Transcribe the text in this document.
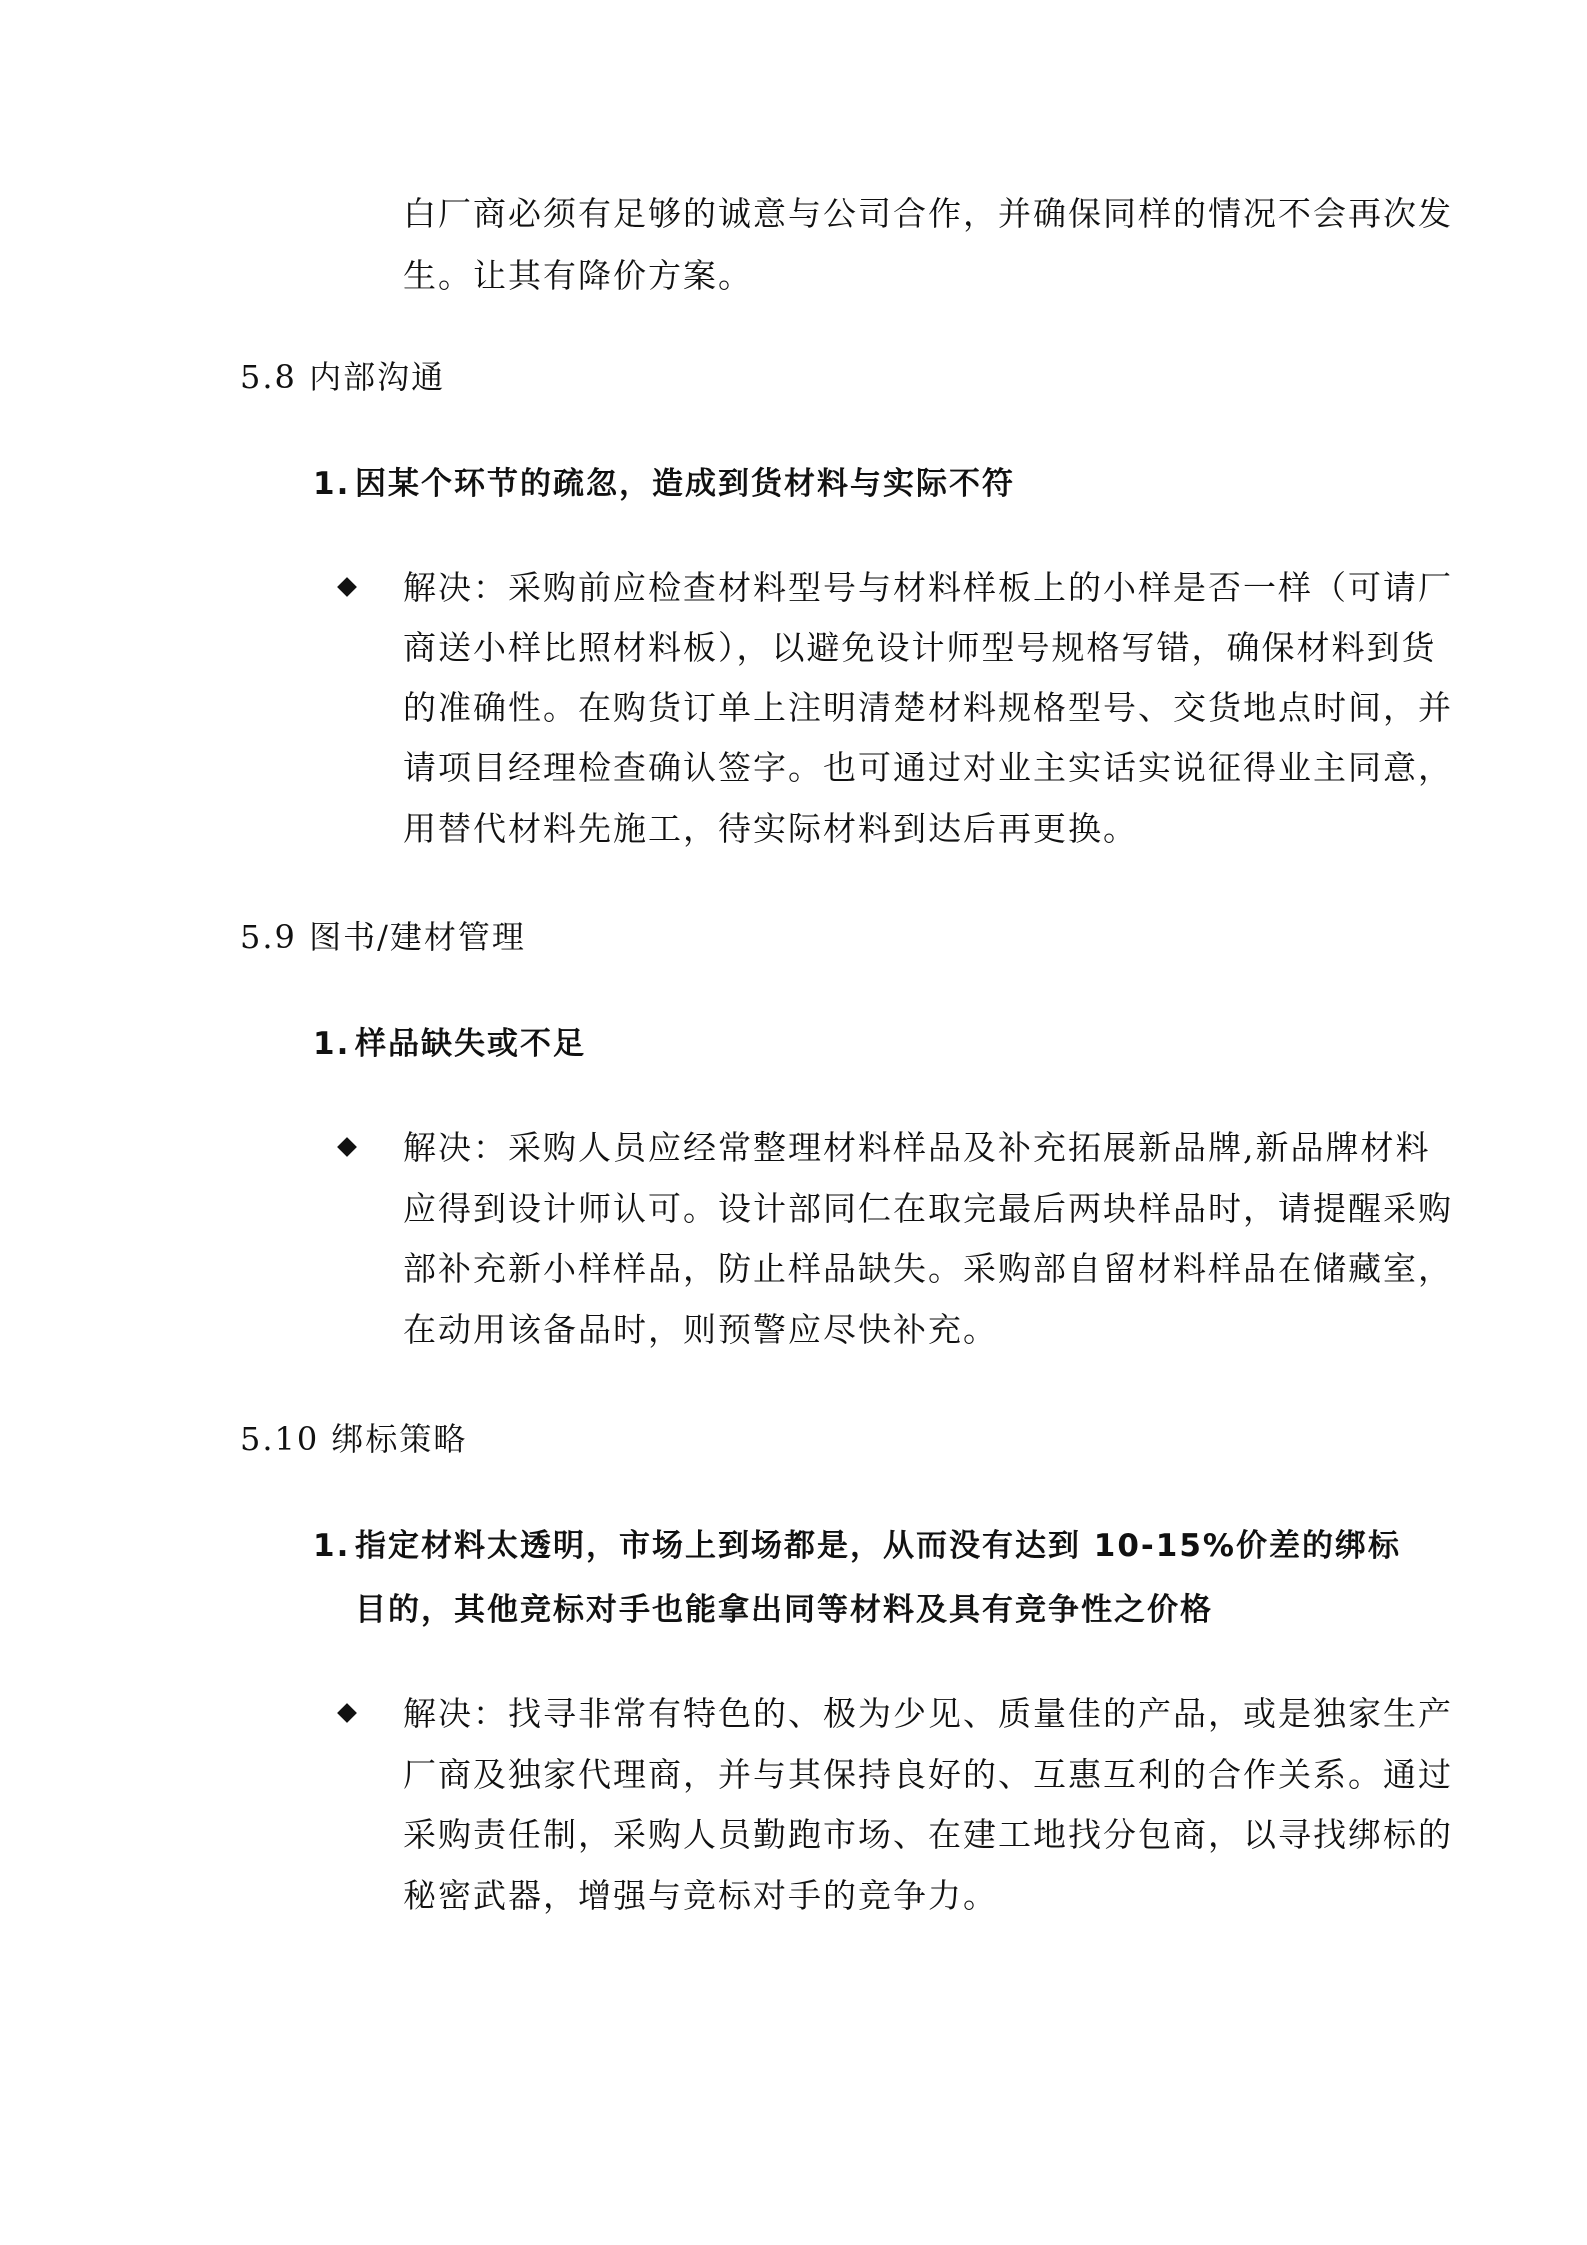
白厂商必须有足够的诚意与公司合作，并确保同样的情况不会再次发
生。让其有降价方案。
5.8 内部沟通
1. 因某个环节的疏忽，造成到货材料与实际不符
解决：采购前应检查材料型号与材料样板上的小样是否一样（可请厂
商送小样比照材料板），以避免设计师型号规格写错，确保材料到货
的准确性。在购货订单上注明清楚材料规格型号、交货地点时间，并
请项目经理检查确认签字。也可通过对业主实话实说征得业主同意，
用替代材料先施工，待实际材料到达后再更换。
5.9 图书/建材管理
1. 样品缺失或不足
解决：采购人员应经常整理材料样品及补充拓展新品牌,新品牌材料
应得到设计师认可。设计部同仁在取完最后两块样品时，请提醒采购
部补充新小样样品，防止样品缺失。采购部自留材料样品在储藏室，
在动用该备品时，则预警应尽快补充。
5.10 绑标策略
1. 指定材料太透明，市场上到场都是，从而没有达到 10-15%价差的绑标
目的，其他竞标对手也能拿出同等材料及具有竞争性之价格
解决：找寻非常有特色的、极为少见、质量佳的产品，或是独家生产
厂商及独家代理商，并与其保持良好的、互惠互利的合作关系。通过
采购责任制，采购人员勤跑市场、在建工地找分包商，以寻找绑标的
秘密武器，增强与竞标对手的竞争力。
